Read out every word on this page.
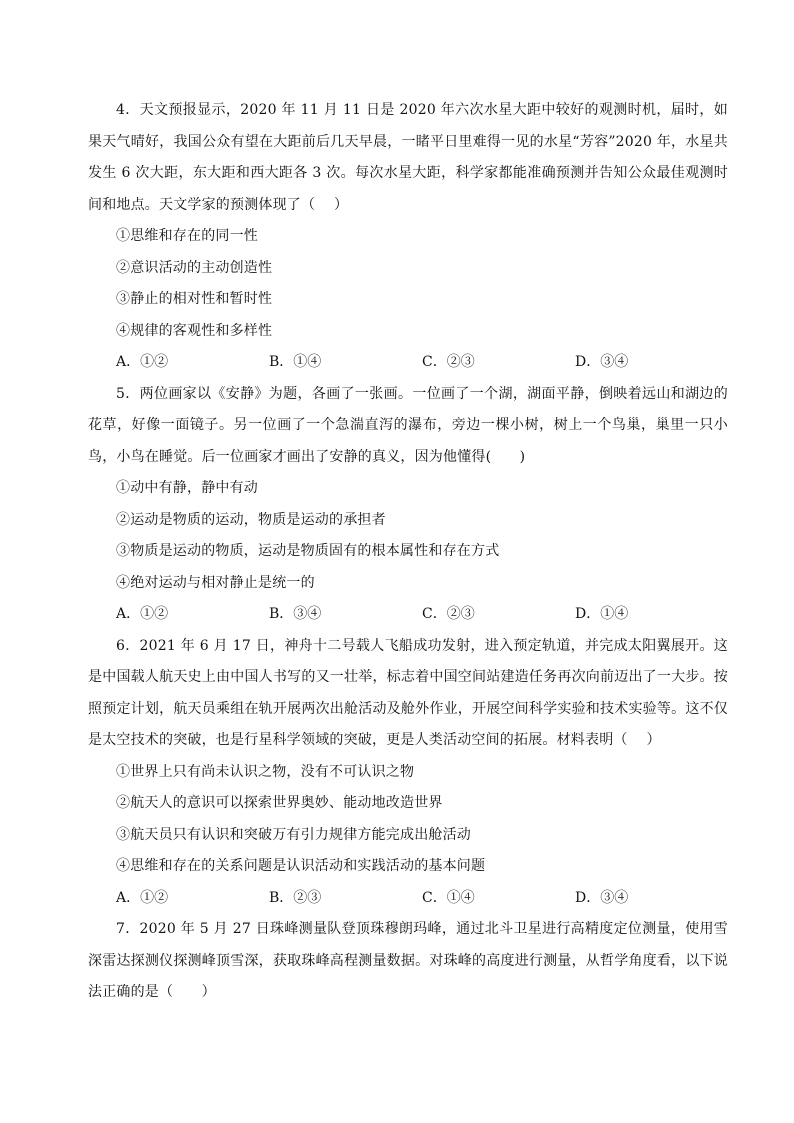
4．天文预报显示，2020 年 11 月 11 日是 2020 年六次水星大距中较好的观测时机，届时，如果天气晴好，我国公众有望在大距前后几天早晨，一睹平日里难得一见的水星“芳容”2020 年，水星共发生 6 次大距，东大距和西大距各 3 次。每次水星大距，科学家都能准确预测并告知公众最佳观测时间和地点。天文学家的预测体现了（　 ）

①思维和存在的同一性

②意识活动的主动创造性

③静止的相对性和暂时性

④规律的客观性和多样性

A．①②	B．①④	C．②③	D．③④

5．两位画家以《安静》为题，各画了一张画。一位画了一个湖，湖面平静，倒映着远山和湖边的花草，好像一面镜子。另一位画了一个急湍直泻的瀑布，旁边一棵小树，树上一个鸟巢，巢里一只小鸟，小鸟在睡觉。后一位画家才画出了安静的真义，因为他懂得(　　)

①动中有静，静中有动

②运动是物质的运动，物质是运动的承担者

③物质是运动的物质，运动是物质固有的根本属性和存在方式

④绝对运动与相对静止是统一的

A．①②	B．③④	C．②③	D．①④

6．2021 年 6 月 17 日，神舟十二号载人飞船成功发射，进入预定轨道，并完成太阳翼展开。这是中国载人航天史上由中国人书写的又一壮举，标志着中国空间站建造任务再次向前迈出了一大步。按照预定计划，航天员乘组在轨开展两次出舱活动及舱外作业，开展空间科学实验和技术实验等。这不仅是太空技术的突破，也是行星科学领域的突破，更是人类活动空间的拓展。材料表明（　 ）

①世界上只有尚未认识之物，没有不可认识之物

②航天人的意识可以探索世界奥妙、能动地改造世界

③航天员只有认识和突破万有引力规律方能完成出舱活动

④思维和存在的关系问题是认识活动和实践活动的基本问题

A．①②	B．②③	C．①④	D．③④

7．2020 年 5 月 27 日珠峰测量队登顶珠穆朗玛峰，通过北斗卫星进行高精度定位测量，使用雪深雷达探测仪探测峰顶雪深，获取珠峰高程测量数据。对珠峰的高度进行测量，从哲学角度看，以下说法正确的是（　　）
